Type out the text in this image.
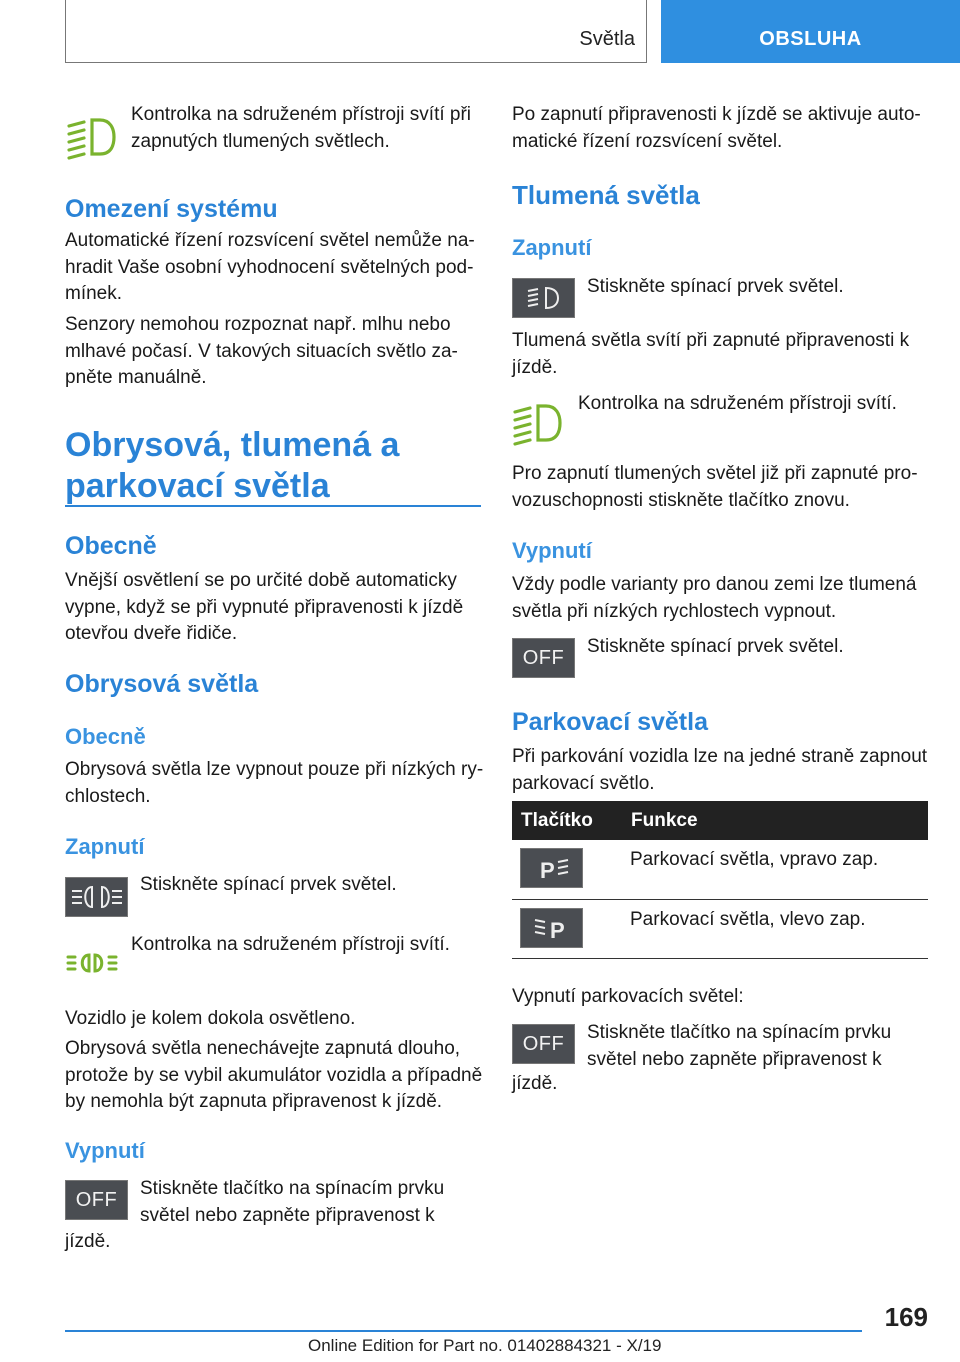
Světla	OBSLUHA
Kontrolka na sdruženém přístroji svítí při zapnutých tlumených světlech.
Omezení systému
Automatické řízení rozsvícení světel nemůže nahradit Vaše osobní vyhodnocení světelných podmínek.
Senzory nemohou rozpoznat např. mlhu nebo mlhavé počasí. V takových situacích světlo zapněte manuálně.
Obrysová, tlumená a parkovací světla
Obecně
Vnější osvětlení se po určité době automaticky vypne, když se při vypnuté připravenosti k jízdě otevřou dveře řidiče.
Obrysová světla
Obecně
Obrysová světla lze vypnout pouze při nízkých rychlostech.
Zapnutí
Stiskněte spínací prvek světel.
Kontrolka na sdruženém přístroji svítí.
Vozidlo je kolem dokola osvětleno.
Obrysová světla nenechávejte zapnutá dlouho, protože by se vybil akumulátor vozidla a případně by nemohla být zapnuta připravenost k jízdě.
Vypnutí
OFF	Stiskněte tlačítko na spínacím prvku světel nebo zapněte připravenost k
jízdě.
Po zapnutí připravenosti k jízdě se aktivuje automatické řízení rozsvícení světel.
Tlumená světla
Zapnutí
Stiskněte spínací prvek světel.
Tlumená světla svítí při zapnuté připravenosti k jízdě.
Kontrolka na sdruženém přístroji svítí.
Pro zapnutí tlumených světel již při zapnuté provozuschopnosti stiskněte tlačítko znovu.
Vypnutí
Vždy podle varianty pro danou zemi lze tlumená světla při nízkých rychlostech vypnout.
OFF	Stiskněte spínací prvek světel.
Parkovací světla
Při parkování vozidla lze na jedné straně zapnout parkovací světlo.
Tlačítko Funkce
P	Parkovací světla, vpravo zap.
P	Parkovací světla, vlevo zap.
Vypnutí parkovacích světel:
OFF	Stiskněte tlačítko na spínacím prvku světel nebo zapněte připravenost k
jízdě.
169
Online Edition for Part no. 01402884321 - X/19
